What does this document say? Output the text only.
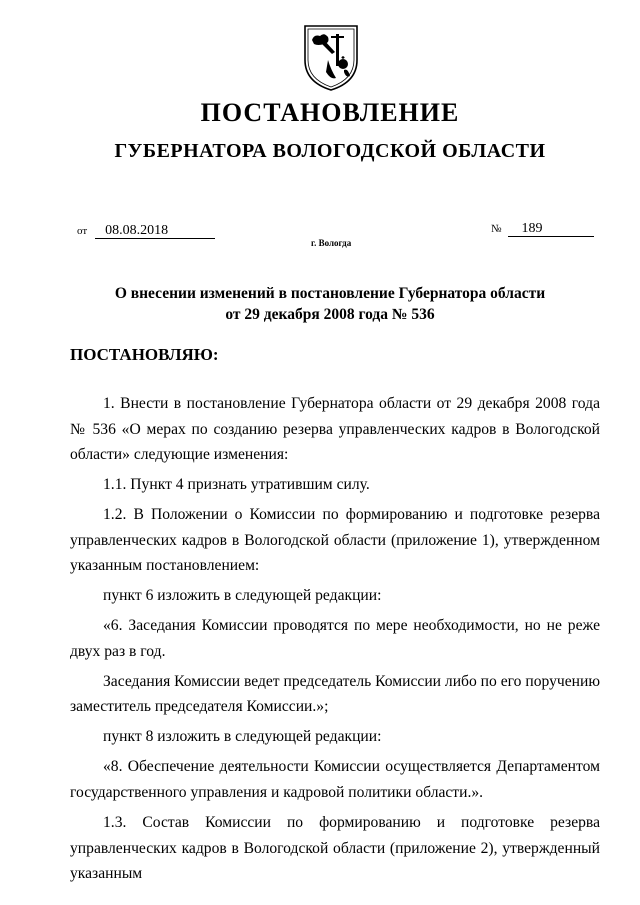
ПОСТАНОВЛЕНИЕ
ГУБЕРНАТОРА ВОЛОГОДСКОЙ ОБЛАСТИ
от 08.08.2018	№ 189
г. Вологда
О внесении изменений в постановление Губернатора области
от 29 декабря 2008 года № 536
ПОСТАНОВЛЯЮ:

1. Внести в постановление Губернатора области от 29 декабря 2008 года № 536 «О мерах по созданию резерва управленческих кадров в Вологодской области» следующие изменения:

1.1. Пункт 4 признать утратившим силу.

1.2. В Положении о Комиссии по формированию и подготовке резерва управленческих кадров в Вологодской области (приложение 1), утвержденном указанным постановлением:

пункт 6 изложить в следующей редакции:

«6. Заседания Комиссии проводятся по мере необходимости, но не реже двух раз в год.

Заседания Комиссии ведет председатель Комиссии либо по его поручению заместитель председателя Комиссии.»;

пункт 8 изложить в следующей редакции:

«8. Обеспечение деятельности Комиссии осуществляется Департаментом государственного управления и кадровой политики области.».

1.3. Состав Комиссии по формированию и подготовке резерва управленческих кадров в Вологодской области (приложение 2), утвержденный указанным
